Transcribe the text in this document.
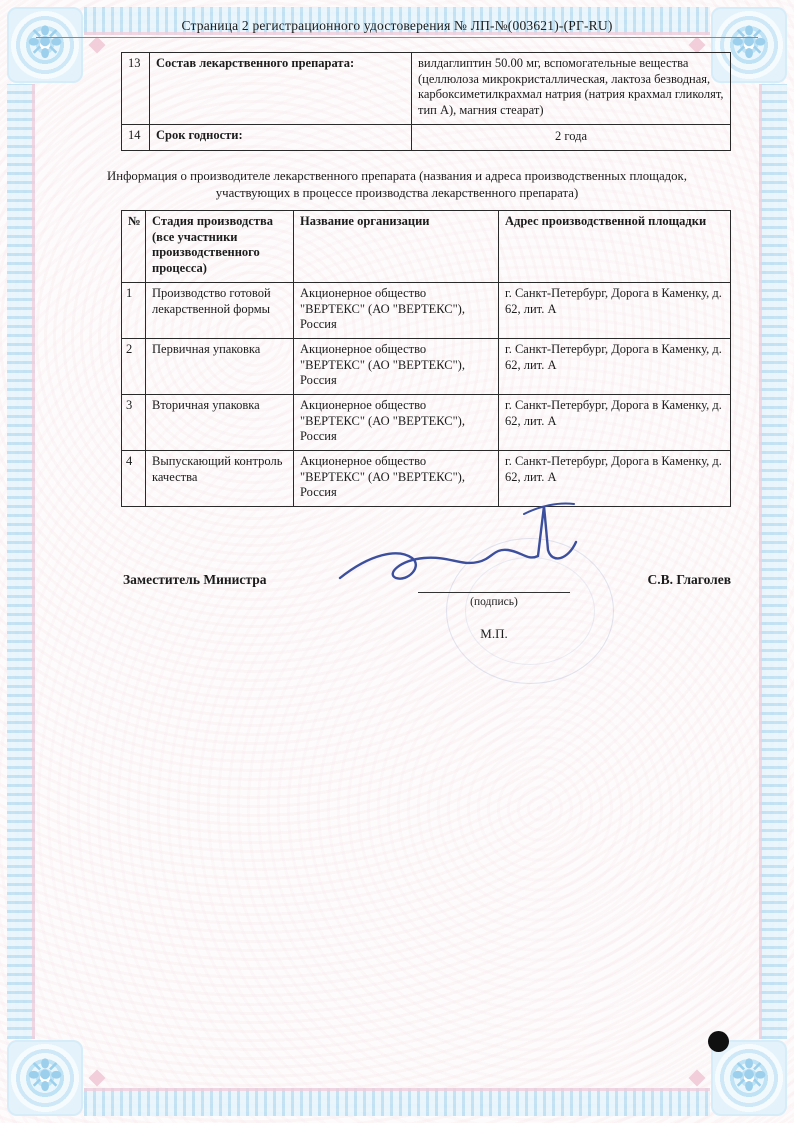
❉
❉
❉
❉
Страница 2 регистрационного удостоверения № ЛП-№(003621)-(РГ-RU)
13	Состав лекарственного препарата:	вилдаглиптин 50.00 мг, вспомогательные вещества (целлюлоза микрокристаллическая, лактоза безводная, карбоксиметилкрахмал натрия (натрия крахмал гликолят, тип А), магния стеарат)
14	Срок годности:	2 года
Информация о производителе лекарственного препарата (названия и адреса производственных площадок, участвующих в процессе производства лекарственного препарата)
№	Стадия производства (все участники производственного процесса)	Название организации	Адрес производственной площадки
1	Производство готовой лекарственной формы	Акционерное общество "ВЕРТЕКС" (АО "ВЕРТЕКС"), Россия	г. Санкт-Петербург, Дорога в Каменку, д. 62, лит. А
2	Первичная упаковка	Акционерное общество "ВЕРТЕКС" (АО "ВЕРТЕКС"), Россия	г. Санкт-Петербург, Дорога в Каменку, д. 62, лит. А
3	Вторичная упаковка	Акционерное общество "ВЕРТЕКС" (АО "ВЕРТЕКС"), Россия	г. Санкт-Петербург, Дорога в Каменку, д. 62, лит. А
4	Выпускающий контроль качества	Акционерное общество "ВЕРТЕКС" (АО "ВЕРТЕКС"), Россия	г. Санкт-Петербург, Дорога в Каменку, д. 62, лит. А
Заместитель Министра
(подпись)
М.П.
С.В. Глаголев
